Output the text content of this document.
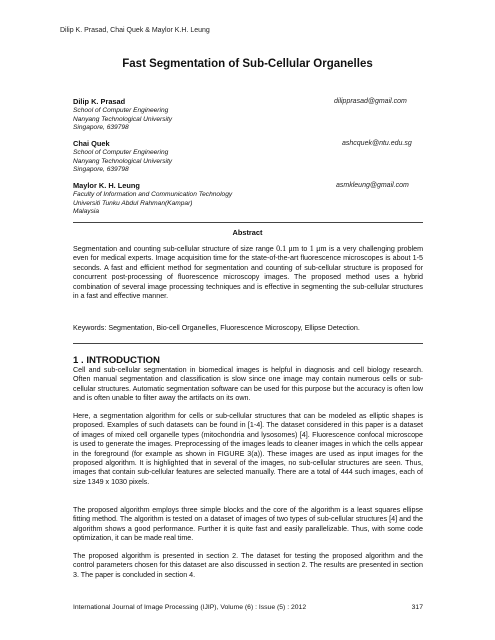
Dilip K. Prasad, Chai Quek & Maylor K.H. Leung
Fast Segmentation of Sub-Cellular Organelles
Dilip K. Prasad
School of Computer Engineering
Nanyang Technological University
Singapore, 639798
dilipprasad@gmail.com
Chai Quek
School of Computer Engineering
Nanyang Technological University
Singapore, 639798
ashcquek@ntu.edu.sg
Maylor K. H. Leung
Faculty of Information and Communication Technology
Universiti Tunku Abdul Rahman(Kampar)
Malaysia
asmkleung@gmail.com
Abstract
Segmentation and counting sub-cellular structure of size range 0.1 μm to 1 μm is a very challenging problem even for medical experts. Image acquisition time for the state-of-the-art fluorescence microscopes is about 1-5 seconds. A fast and efficient method for segmentation and counting of sub-cellular structure is proposed for concurrent post-processing of fluorescence microscopy images. The proposed method uses a hybrid combination of several image processing techniques and is effective in segmenting the sub-cellular structures in a fast and effective manner.
Keywords: Segmentation, Bio-cell Organelles, Fluorescence Microscopy, Ellipse Detection.
1 . INTRODUCTION
Cell and sub-cellular segmentation in biomedical images is helpful in diagnosis and cell biology research. Often manual segmentation and classification is slow since one image may contain numerous cells or sub-cellular structures. Automatic segmentation software can be used for this purpose but the accuracy is often low and is often unable to filter away the artifacts on its own.
Here, a segmentation algorithm for cells or sub-cellular structures that can be modeled as elliptic shapes is proposed. Examples of such datasets can be found in [1-4]. The dataset considered in this paper is a dataset of images of mixed cell organelle types (mitochondria and lysosomes) [4]. Fluorescence confocal microscope is used to generate the images. Preprocessing of the images leads to cleaner images in which the cells appear in the foreground (for example as shown in FIGURE 3(a)). These images are used as input images for the proposed algorithm. It is highlighted that in several of the images, no sub-cellular structures are seen. Thus, images that contain sub-cellular features are selected manually. There are a total of 444 such images, each of size 1349 x 1030 pixels.
The proposed algorithm employs three simple blocks and the core of the algorithm is a least squares ellipse fitting method. The algorithm is tested on a dataset of images of two types of sub-cellular structures [4] and the algorithm shows a good performance. Further it is quite fast and easily parallelizable. Thus, with some code optimization, it can be made real time.
The proposed algorithm is presented in section 2. The dataset for testing the proposed algorithm and the control parameters chosen for this dataset are also discussed in section 2. The results are presented in section 3. The paper is concluded in section 4.
International Journal of Image Processing (IJIP), Volume (6) : Issue (5) : 2012	317
